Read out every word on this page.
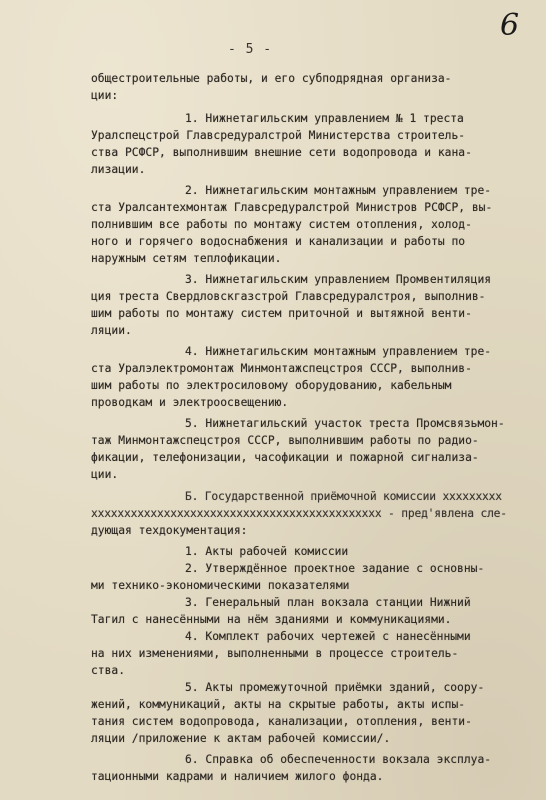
6
- 5 -
общестроительные работы, и его субподрядная организа-
ции:
1. Нижнетагильским управлением № 1 треста
Уралспецстрой Главсредуралстрой Министерства строитель-
ства РСФСР, выполнившим внешние сети водопровода и кана-
лизации.
2. Нижнетагильским монтажным управлением тре-
ста Уралсантехмонтаж Главсредуралстрой Министров РСФСР, вы-
полнившим все работы по монтажу систем отопления, холод-
ного и горячего водоснабжения и канализации и работы по
наружным сетям теплофикации.
3. Нижнетагильским управлением Промвентиляция
ция треста Свердловскгазстрой Главсредуралстроя, выполнив-
шим работы по монтажу систем приточной и вытяжной венти-
ляции.
4. Нижнетагильским монтажным управлением тре-
ста Уралэлектромонтаж Минмонтажспецстроя СССР, выполнив-
шим работы по электросиловому оборудованию, кабельным
проводкам и электроосвещению.
5. Нижнетагильский участок треста Промсвязьмон-
таж Минмонтажспецстроя СССР, выполнившим работы по радио-
фикации, телефонизации, часофикации и пожарной сигнализа-
ции.
Б. Государственной приёмочной комиссии xxxxxxxxx
xxxxxxxxxxxxxxxxxxxxxxxxxxxxxxxxxxxxxxxxxxxx - пред'явлена сле-
дующая техдокументация:
1. Акты рабочей комиссии
2. Утверждённое проектное задание с основны-
ми технико-экономическими показателями
3. Генеральный план вокзала станции Нижний
Тагил с нанесёнными на нём зданиями и коммуникациями.
4. Комплект рабочих чертежей с нанесёнными
на них изменениями, выполненными в процессе строитель-
ства.
5. Акты промежуточной приёмки зданий, соору-
жений, коммуникаций, акты на скрытые работы, акты испы-
тания систем водопровода, канализации, отопления, венти-
ляции /приложение к актам рабочей комиссии/.
6. Справка об обеспеченности вокзала эксплуа-
тационными кадрами и наличием жилого фонда.
